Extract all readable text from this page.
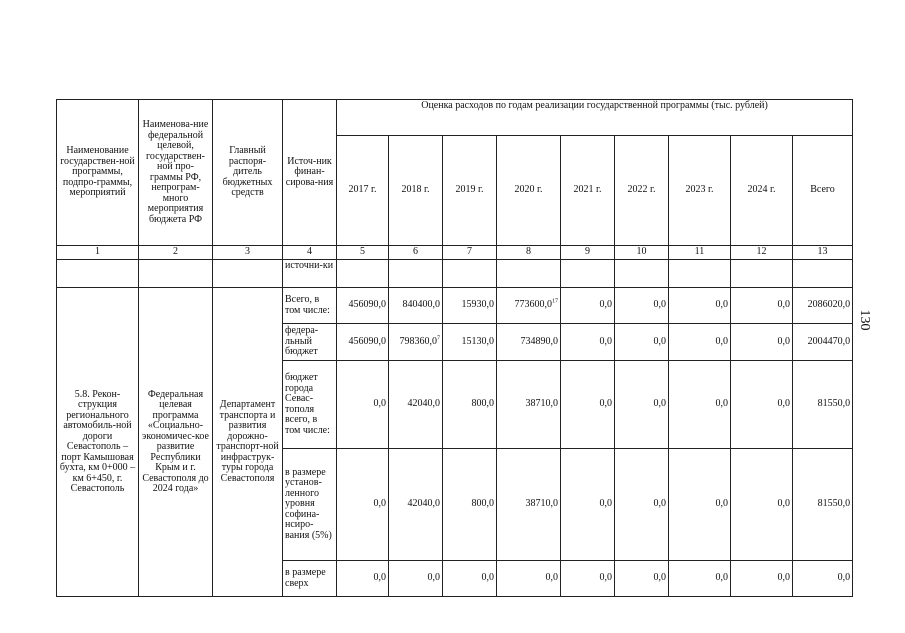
130
Наименование государствен-ной программы, подпро-граммы, мероприятий	Наименова-ние федеральной целевой, государствен-ной про-граммы РФ, непрограм-много мероприятия бюджета РФ	Главный распоря-дитель бюджетных средств	Источ-ник финан-сирова-ния	Оценка расходов по годам реализации государственной программы (тыс. рублей)								
				2017 г.	2018 г.	2019 г.	2020 г.	2021 г.	2022 г.	2023 г.	2024 г.	Всего
1	2	3	4	5	6	7	8	9	10	11	12	13
			источни-ки									
5.8. Рекон-струкция регионального автомобиль-ной дороги Севастополь – порт Камышовая бухта, км 0+000 – км 6+450, г. Севастополь	Федеральная целевая программа «Социально-экономичес-кое развитие Республики Крым и г. Севастополя до 2024 года»	Департамент транспорта и развития дорожно-транспорт-ной инфраструк-туры города Севастополя	Всего, в том числе:	456090,0	840400,0	15930,0	773600,0$^{17}$	0,0	0,0	0,0	0,0	2086020,0
			федера-льный бюджет	456090,0	798360,0$^7$	15130,0	734890,0	0,0	0,0	0,0	0,0	2004470,0
			бюджет города Севас-тополя всего, в том числе:	0,0	42040,0	800,0	38710,0	0,0	0,0	0,0	0,0	81550,0
			в размере установ-ленного уровня софина-нсиро-вания (5%)	0,0	42040,0	800,0	38710,0	0,0	0,0	0,0	0,0	81550,0
			в размере сверх	0,0	0,0	0,0	0,0	0,0	0,0	0,0	0,0	0,0
